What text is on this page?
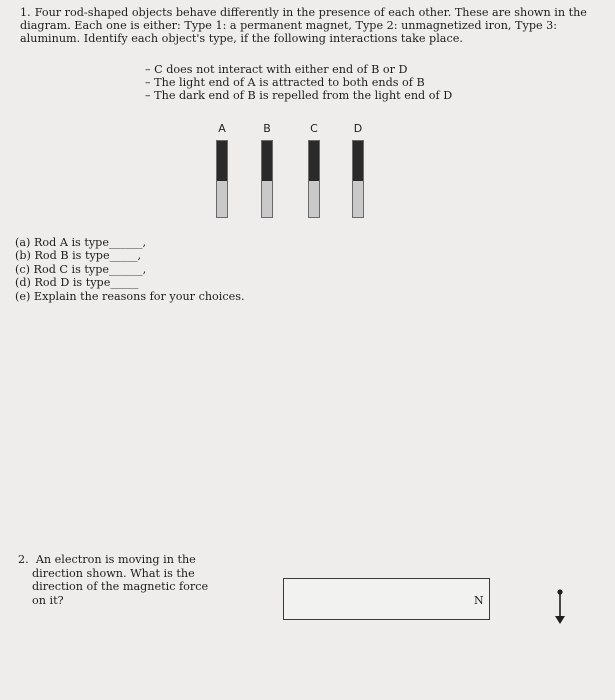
1. Four rod-shaped objects behave differently in the presence of each other. These are shown in the diagram. Each one is either: Type 1: a permanent magnet, Type 2: unmagnetized iron, Type 3: aluminum. Identify each object's type, if the following interactions take place.
– C does not interact with either end of B or D
– The light end of A is attracted to both ends of B
– The dark end of B is repelled from the light end of D
A	B	C	D
(a) Rod A is type______,
(b) Rod B is type_____,
(c) Rod C is type______,
(d) Rod D is type_____
(e) Explain the reasons for your choices.
2. An electron is moving in the
direction shown. What is the
direction of the magnetic force
on it?	N
